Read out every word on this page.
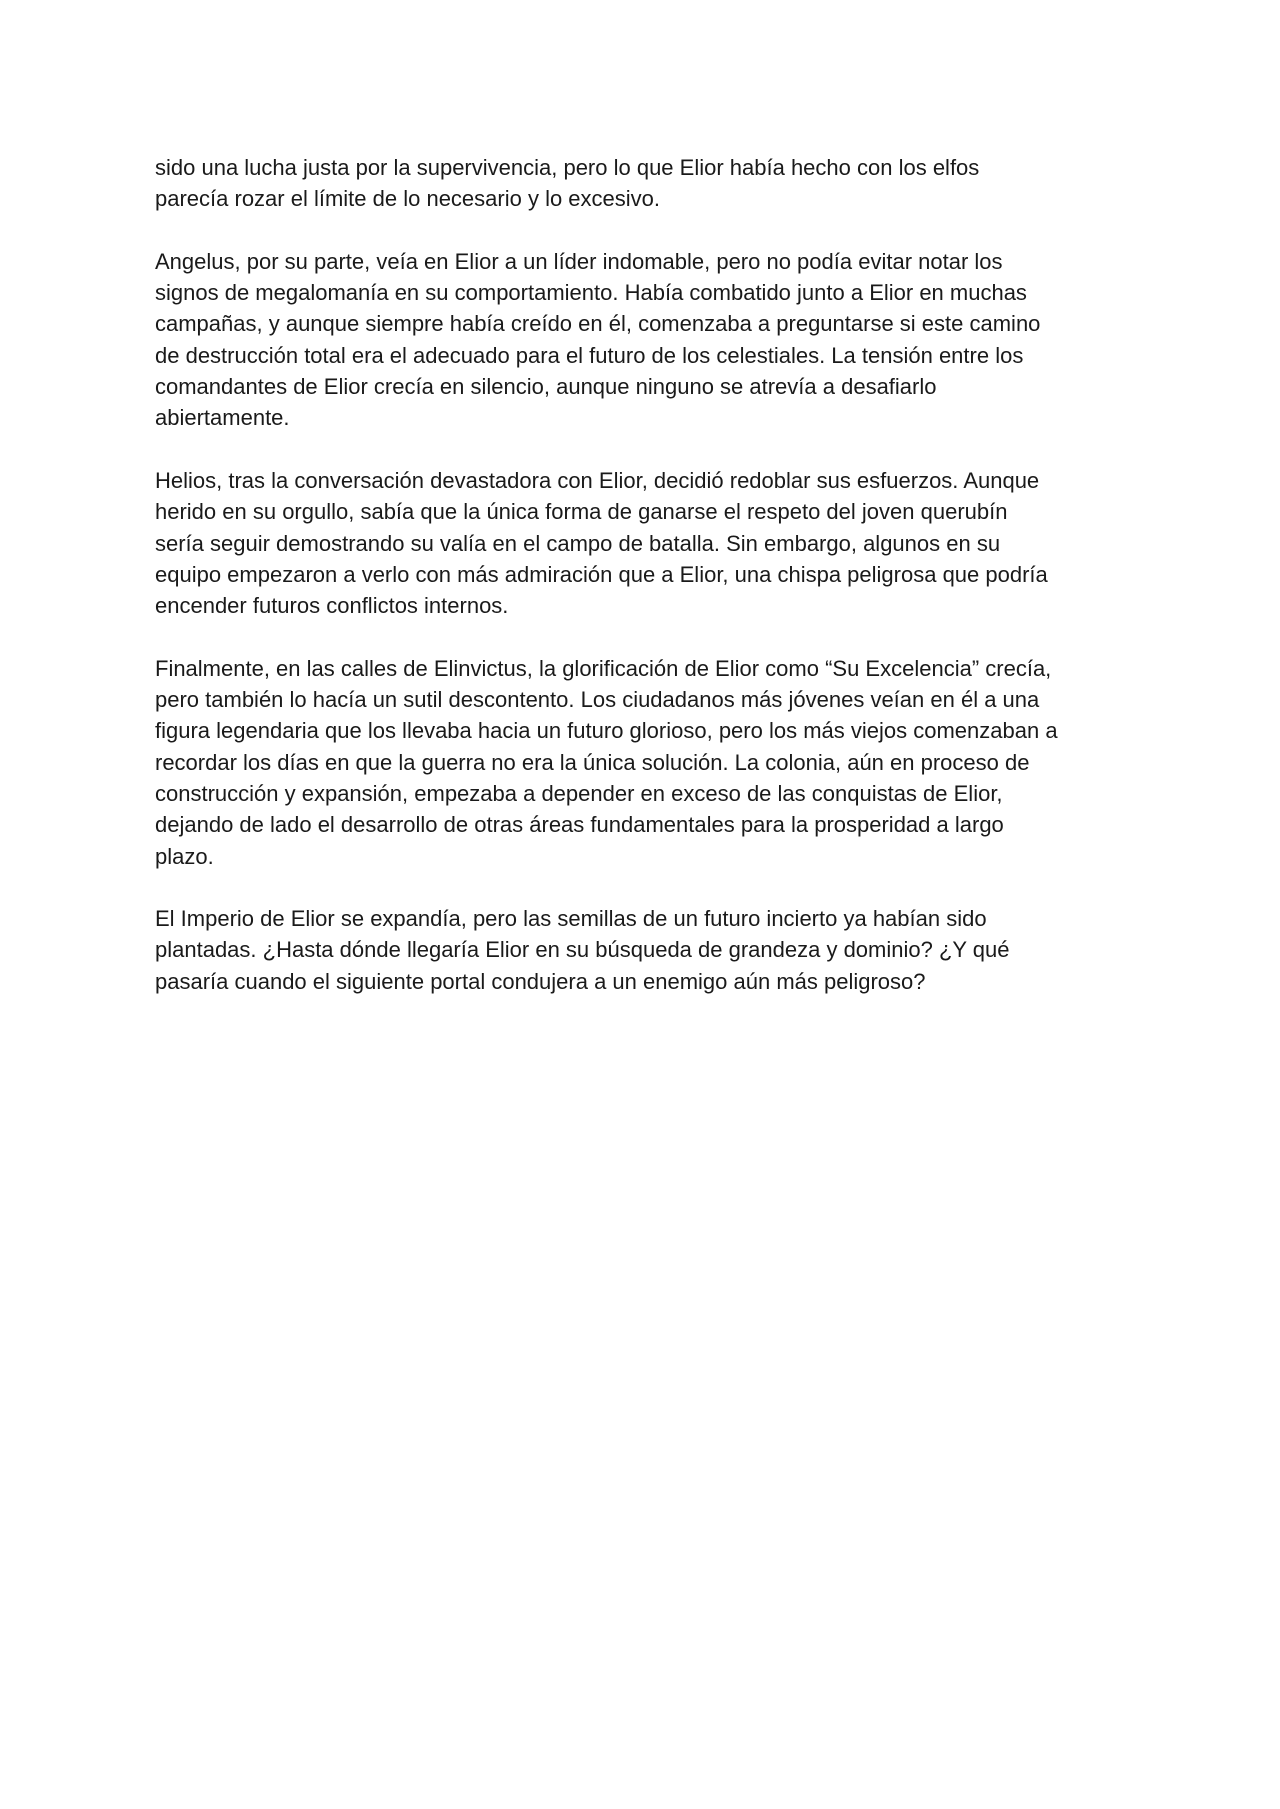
sido una lucha justa por la supervivencia, pero lo que Elior había hecho con los elfos
parecía rozar el límite de lo necesario y lo excesivo.

Angelus, por su parte, veía en Elior a un líder indomable, pero no podía evitar notar los
signos de megalomanía en su comportamiento. Había combatido junto a Elior en muchas
campañas, y aunque siempre había creído en él, comenzaba a preguntarse si este camino
de destrucción total era el adecuado para el futuro de los celestiales. La tensión entre los
comandantes de Elior crecía en silencio, aunque ninguno se atrevía a desafiarlo
abiertamente.

Helios, tras la conversación devastadora con Elior, decidió redoblar sus esfuerzos. Aunque
herido en su orgullo, sabía que la única forma de ganarse el respeto del joven querubín
sería seguir demostrando su valía en el campo de batalla. Sin embargo, algunos en su
equipo empezaron a verlo con más admiración que a Elior, una chispa peligrosa que podría
encender futuros conflictos internos.

Finalmente, en las calles de Elinvictus, la glorificación de Elior como “Su Excelencia” crecía,
pero también lo hacía un sutil descontento. Los ciudadanos más jóvenes veían en él a una
figura legendaria que los llevaba hacia un futuro glorioso, pero los más viejos comenzaban a
recordar los días en que la guerra no era la única solución. La colonia, aún en proceso de
construcción y expansión, empezaba a depender en exceso de las conquistas de Elior,
dejando de lado el desarrollo de otras áreas fundamentales para la prosperidad a largo
plazo.

El Imperio de Elior se expandía, pero las semillas de un futuro incierto ya habían sido
plantadas. ¿Hasta dónde llegaría Elior en su búsqueda de grandeza y dominio? ¿Y qué
pasaría cuando el siguiente portal condujera a un enemigo aún más peligroso?
